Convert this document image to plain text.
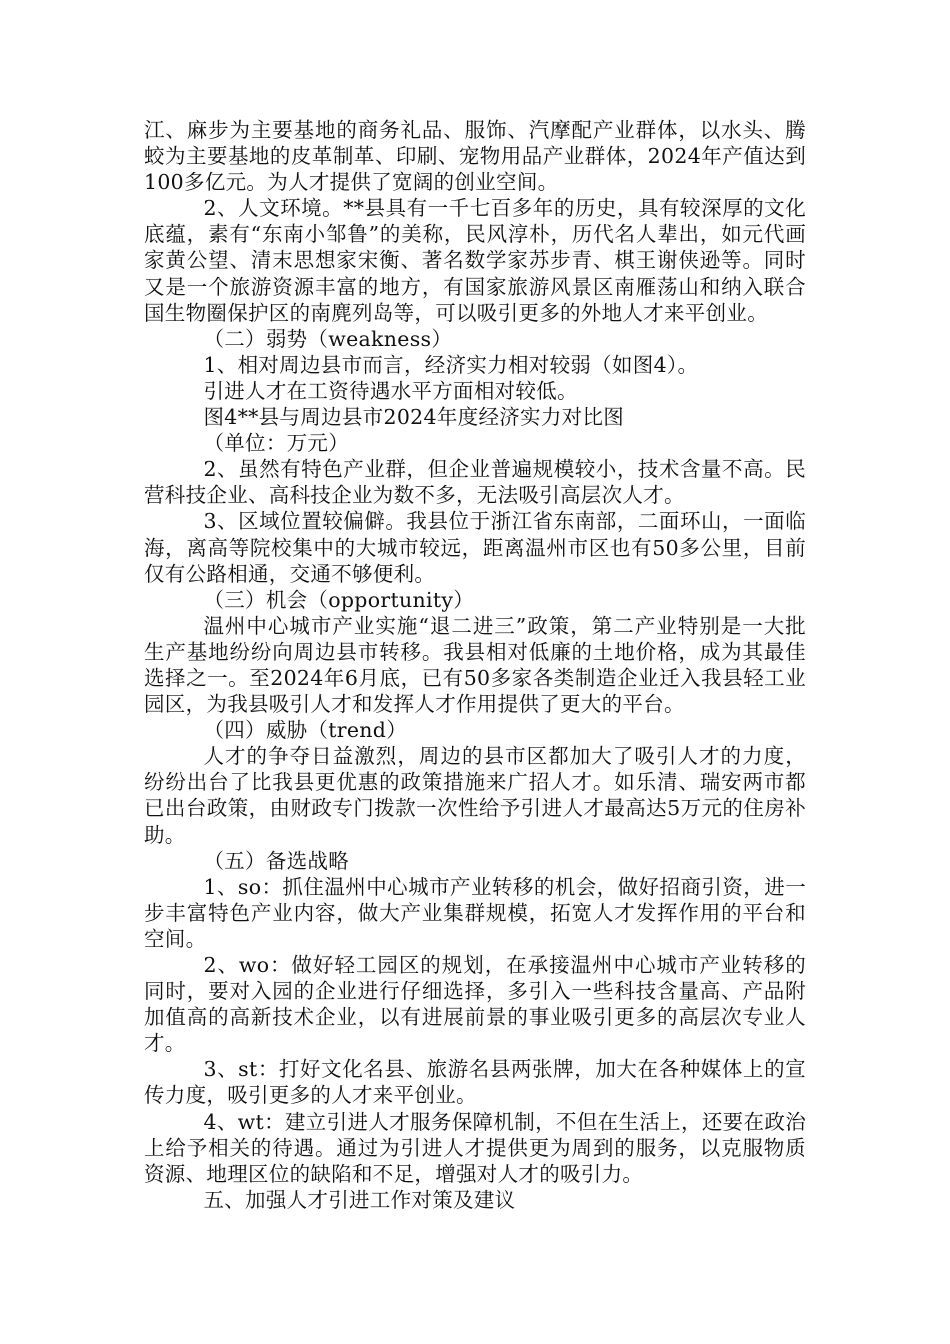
江、麻步为主要基地的商务礼品、服饰、汽摩配产业群体，以水头、腾蛟为主要基地的皮革制革、印刷、宠物用品产业群体，2024年产值达到100多亿元。为人才提供了宽阔的创业空间。

2、人文环境。**县具有一千七百多年的历史，具有较深厚的文化底蕴，素有“东南小邹鲁”的美称，民风淳朴，历代名人辈出，如元代画家黄公望、清末思想家宋衡、著名数学家苏步青、棋王谢侠逊等。同时又是一个旅游资源丰富的地方，有国家旅游风景区南雁荡山和纳入联合国生物圈保护区的南麂列岛等，可以吸引更多的外地人才来平创业。

（二）弱势（weakness）

1、相对周边县市而言，经济实力相对较弱（如图4）。

引进人才在工资待遇水平方面相对较低。

图4**县与周边县市2024年度经济实力对比图

（单位：万元）

2、虽然有特色产业群，但企业普遍规模较小，技术含量不高。民营科技企业、高科技企业为数不多，无法吸引高层次人才。

3、区域位置较偏僻。我县位于浙江省东南部，二面环山，一面临海，离高等院校集中的大城市较远，距离温州市区也有50多公里，目前仅有公路相通，交通不够便利。

（三）机会（opportunity）

温州中心城市产业实施“退二进三”政策，第二产业特别是一大批生产基地纷纷向周边县市转移。我县相对低廉的土地价格，成为其最佳选择之一。至2024年6月底，已有50多家各类制造企业迁入我县轻工业园区，为我县吸引人才和发挥人才作用提供了更大的平台。

（四）威胁（trend）

人才的争夺日益激烈，周边的县市区都加大了吸引人才的力度，纷纷出台了比我县更优惠的政策措施来广招人才。如乐清、瑞安两市都已出台政策，由财政专门拨款一次性给予引进人才最高达5万元的住房补助。

（五）备选战略

1、so：抓住温州中心城市产业转移的机会，做好招商引资，进一步丰富特色产业内容，做大产业集群规模，拓宽人才发挥作用的平台和空间。

2、wo：做好轻工园区的规划，在承接温州中心城市产业转移的同时，要对入园的企业进行仔细选择，多引入一些科技含量高、产品附加值高的高新技术企业，以有进展前景的事业吸引更多的高层次专业人才。

3、st：打好文化名县、旅游名县两张牌，加大在各种媒体上的宣传力度，吸引更多的人才来平创业。

4、wt：建立引进人才服务保障机制，不但在生活上，还要在政治上给予相关的待遇。通过为引进人才提供更为周到的服务，以克服物质资源、地理区位的缺陷和不足，增强对人才的吸引力。

五、加强人才引进工作对策及建议
